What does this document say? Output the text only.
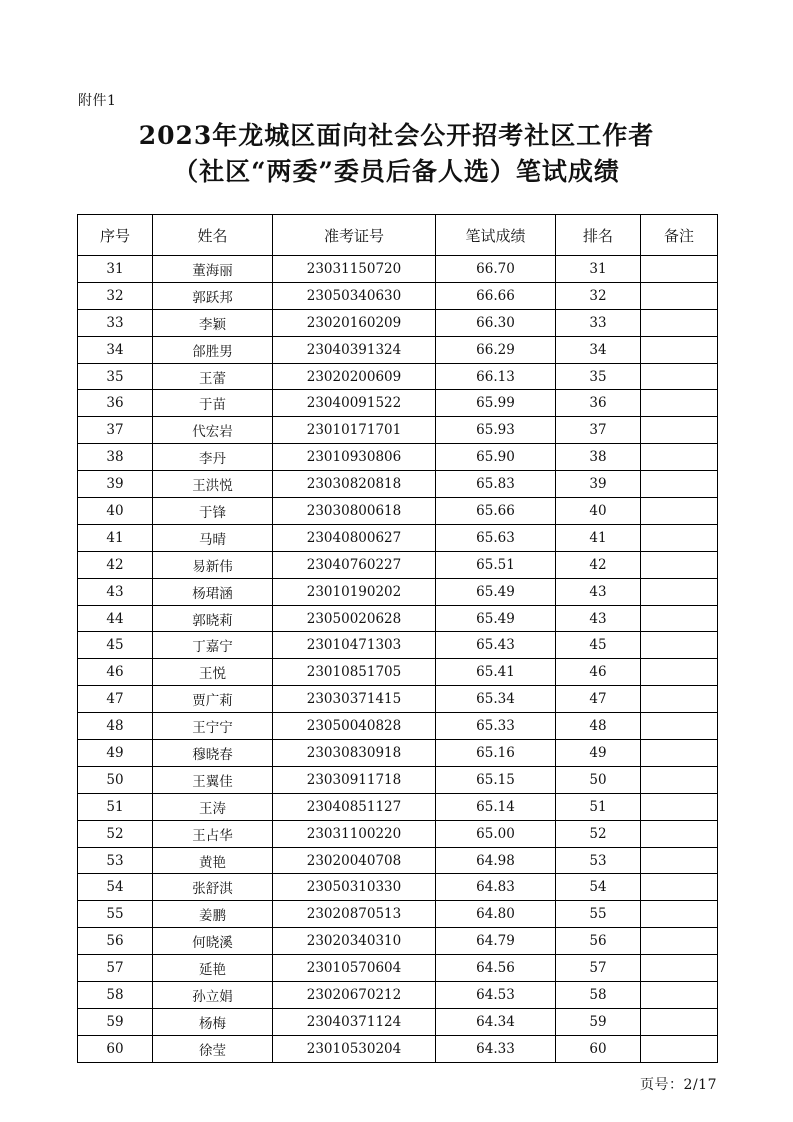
附件1
2023年龙城区面向社会公开招考社区工作者
（社区“两委”委员后备人选）笔试成绩
序号	姓名	准考证号	笔试成绩	排名	备注
31	董海丽	23031150720	66.70	31	
32	郭跃邦	23050340630	66.66	32	
33	李颖	23020160209	66.30	33	
34	郃胜男	23040391324	66.29	34	
35	王蕾	23020200609	66.13	35	
36	于苗	23040091522	65.99	36	
37	代宏岩	23010171701	65.93	37	
38	李丹	23010930806	65.90	38	
39	王洪悦	23030820818	65.83	39	
40	于锋	23030800618	65.66	40	
41	马晴	23040800627	65.63	41	
42	易新伟	23040760227	65.51	42	
43	杨珺涵	23010190202	65.49	43	
44	郭晓莉	23050020628	65.49	43	
45	丁嘉宁	23010471303	65.43	45	
46	王悦	23010851705	65.41	46	
47	贾广莉	23030371415	65.34	47	
48	王宁宁	23050040828	65.33	48	
49	穆晓春	23030830918	65.16	49	
50	王翼佳	23030911718	65.15	50	
51	王涛	23040851127	65.14	51	
52	王占华	23031100220	65.00	52	
53	黄艳	23020040708	64.98	53	
54	张舒淇	23050310330	64.83	54	
55	姜鹏	23020870513	64.80	55	
56	何晓溪	23020340310	64.79	56	
57	延艳	23010570604	64.56	57	
58	孙立娟	23020670212	64.53	58	
59	杨梅	23040371124	64.34	59	
60	徐莹	23010530204	64.33	60	
页号：2/17
